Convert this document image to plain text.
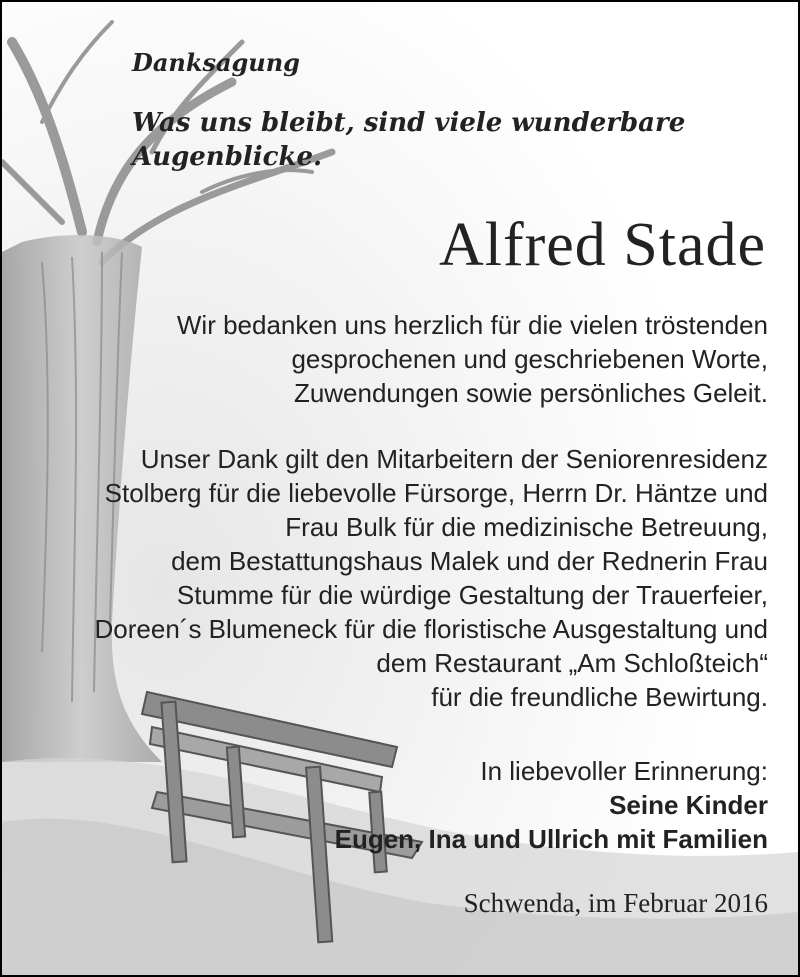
Danksagung
Was uns bleibt, sind viele wunderbare Augenblicke.
Alfred Stade
Wir bedanken uns herzlich für die vielen tröstenden
gesprochenen und geschriebenen Worte,
Zuwendungen sowie persönliches Geleit.
Unser Dank gilt den Mitarbeitern der Seniorenresidenz
Stolberg für die liebevolle Fürsorge, Herrn Dr. Häntze und
Frau Bulk für die medizinische Betreuung,
dem Bestattungshaus Malek und der Rednerin Frau
Stumme für die würdige Gestaltung der Trauerfeier,
Doreen´s Blumeneck für die floristische Ausgestaltung und
dem Restaurant „Am Schloßteich“
für die freundliche Bewirtung.
In liebevoller Erinnerung:
Seine Kinder
Eugen, Ina und Ullrich mit Familien
Schwenda, im Februar 2016
